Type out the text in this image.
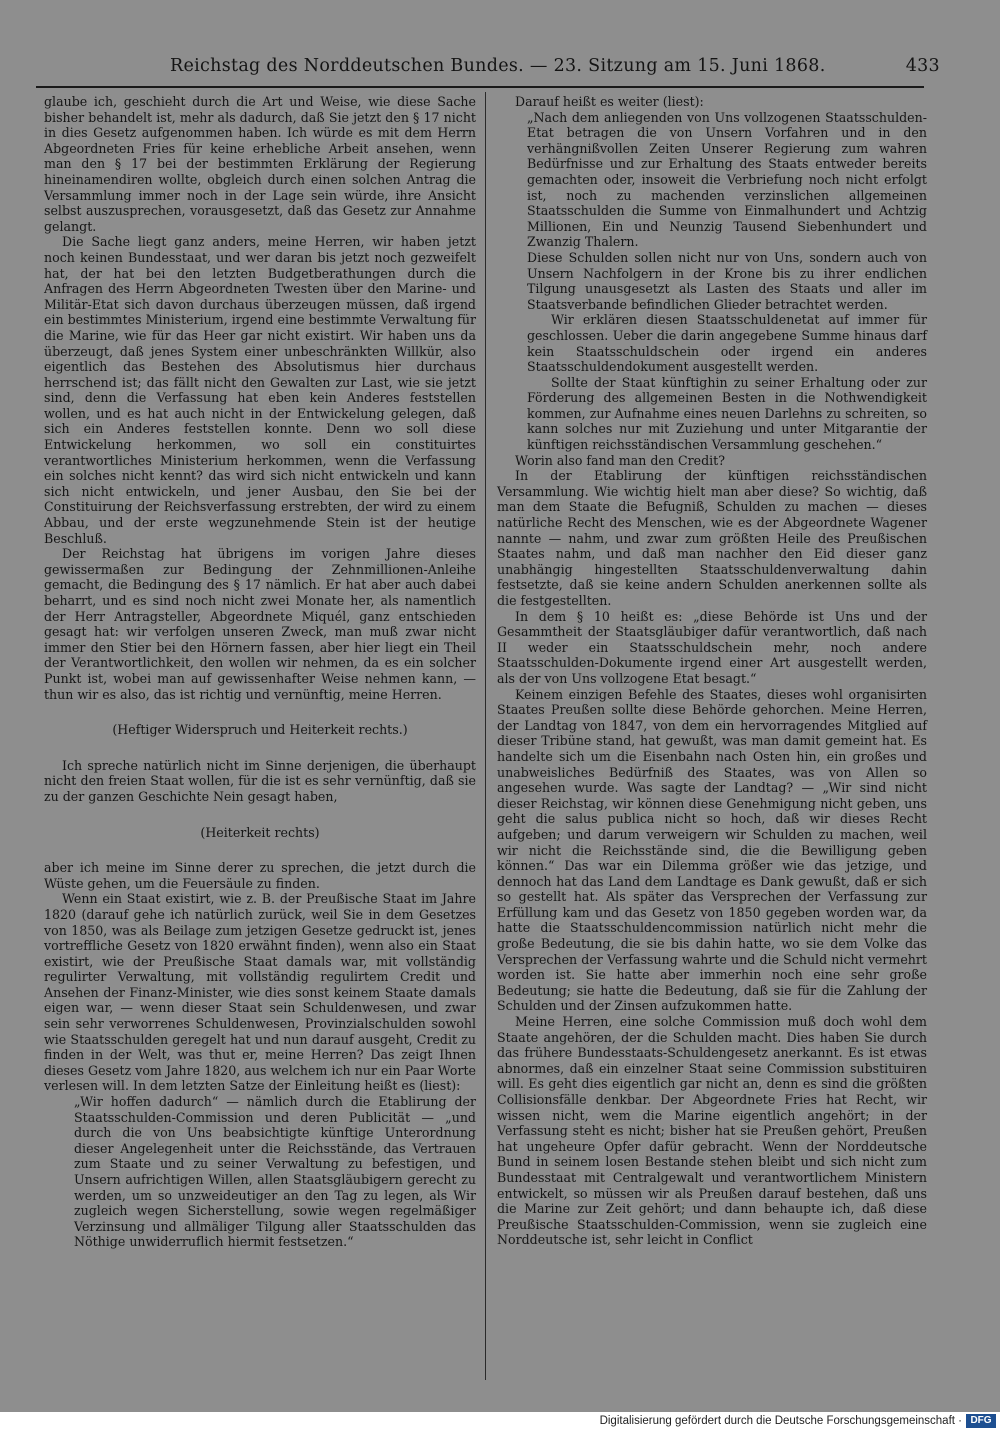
Reichstag des Norddeutschen Bundes. — 23. Sitzung am 15. Juni 1868.	433

glaube ich, geschieht durch die Art und Weise, wie diese Sache bisher behandelt ist, mehr als dadurch, daß Sie jetzt den § 17 nicht in dies Gesetz aufgenommen haben. Ich würde es mit dem Herrn Abgeordneten Fries für keine erhebliche Arbeit ansehen, wenn man den § 17 bei der bestimmten Erklärung der Regierung hineinamendiren wollte, obgleich durch einen solchen Antrag die Versammlung immer noch in der Lage sein würde, ihre Ansicht selbst auszusprechen, vorausgesetzt, daß das Gesetz zur Annahme gelangt.

Die Sache liegt ganz anders, meine Herren, wir haben jetzt noch keinen Bundesstaat, und wer daran bis jetzt noch gezweifelt hat, der hat bei den letzten Budgetberathungen durch die Anfragen des Herrn Abgeordneten Twesten über den Marine- und Militär-Etat sich davon durchaus überzeugen müssen, daß irgend ein bestimmtes Ministerium, irgend eine bestimmte Verwaltung für die Marine, wie für das Heer gar nicht existirt. Wir haben uns da überzeugt, daß jenes System einer unbeschränkten Willkür, also eigentlich das Bestehen des Absolutismus hier durchaus herrschend ist; das fällt nicht den Gewalten zur Last, wie sie jetzt sind, denn die Verfassung hat eben kein Anderes feststellen wollen, und es hat auch nicht in der Entwickelung gelegen, daß sich ein Anderes feststellen konnte. Denn wo soll diese Entwickelung herkommen, wo soll ein constituirtes verantwortliches Ministerium herkommen, wenn die Verfassung ein solches nicht kennt? das wird sich nicht entwickeln und kann sich nicht entwickeln, und jener Ausbau, den Sie bei der Constituirung der Reichsverfassung erstrebten, der wird zu einem Abbau, und der erste wegzunehmende Stein ist der heutige Beschluß.

Der Reichstag hat übrigens im vorigen Jahre dieses gewissermaßen zur Bedingung der Zehnmillionen-Anleihe gemacht, die Bedingung des § 17 nämlich. Er hat aber auch dabei beharrt, und es sind noch nicht zwei Monate her, als namentlich der Herr Antragsteller, Abgeordnete Miquél, ganz entschieden gesagt hat: wir verfolgen unseren Zweck, man muß zwar nicht immer den Stier bei den Hörnern fassen, aber hier liegt ein Theil der Verantwortlichkeit, den wollen wir nehmen, da es ein solcher Punkt ist, wobei man auf gewissenhafter Weise nehmen kann, — thun wir es also, das ist richtig und vernünftig, meine Herren.

(Heftiger Widerspruch und Heiterkeit rechts.)

Ich spreche natürlich nicht im Sinne derjenigen, die überhaupt nicht den freien Staat wollen, für die ist es sehr vernünftig, daß sie zu der ganzen Geschichte Nein gesagt haben,

(Heiterkeit rechts)

aber ich meine im Sinne derer zu sprechen, die jetzt durch die Wüste gehen, um die Feuersäule zu finden.

Wenn ein Staat existirt, wie z. B. der Preußische Staat im Jahre 1820 (darauf gehe ich natürlich zurück, weil Sie in dem Gesetzes von 1850, was als Beilage zum jetzigen Gesetze gedruckt ist, jenes vortreffliche Gesetz von 1820 erwähnt finden), wenn also ein Staat existirt, wie der Preußische Staat damals war, mit vollständig regulirter Verwaltung, mit vollständig regulirtem Credit und Ansehen der Finanz-Minister, wie dies sonst keinem Staate damals eigen war, — wenn dieser Staat sein Schuldenwesen, und zwar sein sehr verworrenes Schuldenwesen, Provinzialschulden sowohl wie Staatsschulden geregelt hat und nun darauf ausgeht, Credit zu finden in der Welt, was thut er, meine Herren? Das zeigt Ihnen dieses Gesetz vom Jahre 1820, aus welchem ich nur ein Paar Worte verlesen will. In dem letzten Satze der Einleitung heißt es (liest):

„Wir hoffen dadurch“ — nämlich durch die Etablirung der Staatsschulden-Commission und deren Publicität — „und durch die von Uns beabsichtigte künftige Unterordnung dieser Angelegenheit unter die Reichsstände, das Vertrauen zum Staate und zu seiner Verwaltung zu befestigen, und Unsern aufrichtigen Willen, allen Staatsgläubigern gerecht zu werden, um so unzweideutiger an den Tag zu legen, als Wir zugleich wegen Sicherstellung, sowie wegen regelmäßiger Verzinsung und allmäliger Tilgung aller Staatsschulden das Nöthige unwiderruflich hiermit festsetzen.“

Darauf heißt es weiter (liest):

„Nach dem anliegenden von Uns vollzogenen Staatsschulden-Etat betragen die von Unsern Vorfahren und in den verhängnißvollen Zeiten Unserer Regierung zum wahren Bedürfnisse und zur Erhaltung des Staats entweder bereits gemachten oder, insoweit die Verbriefung noch nicht erfolgt ist, noch zu machenden verzinslichen allgemeinen Staatsschulden die Summe von Einmalhundert und Achtzig Millionen, Ein und Neunzig Tausend Siebenhundert und Zwanzig Thalern.

Diese Schulden sollen nicht nur von Uns, sondern auch von Unsern Nachfolgern in der Krone bis zu ihrer endlichen Tilgung unausgesetzt als Lasten des Staats und aller im Staatsverbande befindlichen Glieder betrachtet werden.

Wir erklären diesen Staatsschuldenetat auf immer für geschlossen. Ueber die darin angegebene Summe hinaus darf kein Staatsschuldschein oder irgend ein anderes Staatsschuldendokument ausgestellt werden.

Sollte der Staat künftighin zu seiner Erhaltung oder zur Förderung des allgemeinen Besten in die Nothwendigkeit kommen, zur Aufnahme eines neuen Darlehns zu schreiten, so kann solches nur mit Zuziehung und unter Mitgarantie der künftigen reichsständischen Versammlung geschehen.“

Worin also fand man den Credit?

In der Etablirung der künftigen reichsständischen Versammlung. Wie wichtig hielt man aber diese? So wichtig, daß man dem Staate die Befugniß, Schulden zu machen — dieses natürliche Recht des Menschen, wie es der Abgeordnete Wagener nannte — nahm, und zwar zum größten Heile des Preußischen Staates nahm, und daß man nachher den Eid dieser ganz unabhängig hingestellten Staatsschuldenverwaltung dahin festsetzte, daß sie keine andern Schulden anerkennen sollte als die festgestellten.

In dem § 10 heißt es: „diese Behörde ist Uns und der Gesammtheit der Staatsgläubiger dafür verantwortlich, daß nach II weder ein Staatsschuldschein mehr, noch andere Staatsschulden-Dokumente irgend einer Art ausgestellt werden, als der von Uns vollzogene Etat besagt.“

Keinem einzigen Befehle des Staates, dieses wohl organisirten Staates Preußen sollte diese Behörde gehorchen. Meine Herren, der Landtag von 1847, von dem ein hervorragendes Mitglied auf dieser Tribüne stand, hat gewußt, was man damit gemeint hat. Es handelte sich um die Eisenbahn nach Osten hin, ein großes und unabweisliches Bedürfniß des Staates, was von Allen so angesehen wurde. Was sagte der Landtag? — „Wir sind nicht dieser Reichstag, wir können diese Genehmigung nicht geben, uns geht die salus publica nicht so hoch, daß wir dieses Recht aufgeben; und darum verweigern wir Schulden zu machen, weil wir nicht die Reichsstände sind, die die Bewilligung geben können.“ Das war ein Dilemma größer wie das jetzige, und dennoch hat das Land dem Landtage es Dank gewußt, daß er sich so gestellt hat. Als später das Versprechen der Verfassung zur Erfüllung kam und das Gesetz von 1850 gegeben worden war, da hatte die Staatsschuldencommission natürlich nicht mehr die große Bedeutung, die sie bis dahin hatte, wo sie dem Volke das Versprechen der Verfassung wahrte und die Schuld nicht vermehrt worden ist. Sie hatte aber immerhin noch eine sehr große Bedeutung; sie hatte die Bedeutung, daß sie für die Zahlung der Schulden und der Zinsen aufzukommen hatte.

Meine Herren, eine solche Commission muß doch wohl dem Staate angehören, der die Schulden macht. Dies haben Sie durch das frühere Bundesstaats-Schuldengesetz anerkannt. Es ist etwas abnormes, daß ein einzelner Staat seine Commission substituiren will. Es geht dies eigentlich gar nicht an, denn es sind die größten Collisionsfälle denkbar. Der Abgeordnete Fries hat Recht, wir wissen nicht, wem die Marine eigentlich angehört; in der Verfassung steht es nicht; bisher hat sie Preußen gehört, Preußen hat ungeheure Opfer dafür gebracht. Wenn der Norddeutsche Bund in seinem losen Bestande stehen bleibt und sich nicht zum Bundesstaat mit Centralgewalt und verantwortlichem Ministern entwickelt, so müssen wir als Preußen darauf bestehen, daß uns die Marine zur Zeit gehört; und dann behaupte ich, daß diese Preußische Staatsschulden-Commission, wenn sie zugleich eine Norddeutsche ist, sehr leicht in Conflict

Digitalisierung gefördert durch die Deutsche Forschungsgemeinschaft · DFG
